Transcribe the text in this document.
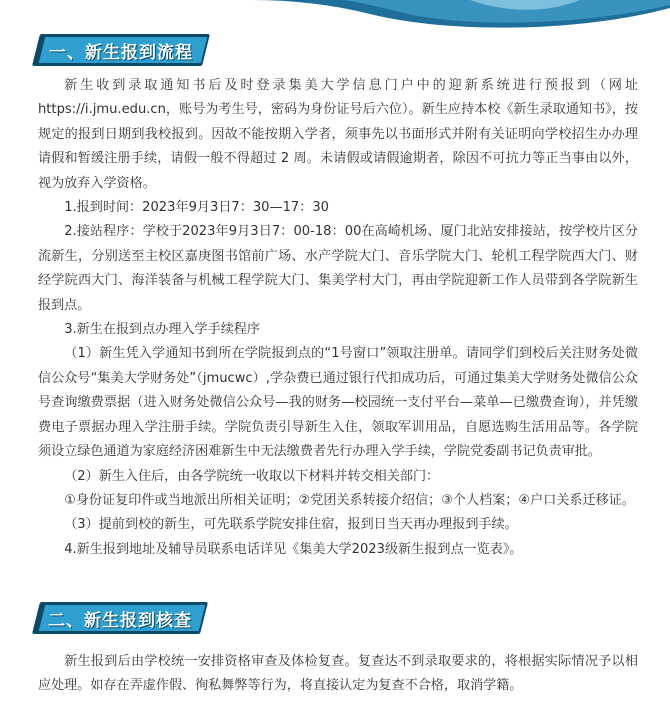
一、新生报到流程

新生收到录取通知书后及时登录集美大学信息门户中的迎新系统进行预报到（网址https://i.jmu.edu.cn，账号为考生号，密码为身份证号后六位）。新生应持本校《新生录取通知书》，按规定的报到日期到我校报到。因故不能按期入学者，须事先以书面形式并附有关证明向学校招生办办理请假和暂缓注册手续，请假一般不得超过 2 周。未请假或请假逾期者，除因不可抗力等正当事由以外，视为放弃入学资格。

1.报到时间：2023年9月3日7：30—17：30

2.接站程序：学校于2023年9月3日7：00-18：00在高崎机场、厦门北站安排接站，按学校片区分流新生，分别送至主校区嘉庚图书馆前广场、水产学院大门、音乐学院大门、轮机工程学院西大门、财经学院西大门、海洋装备与机械工程学院大门、集美学村大门，再由学院迎新工作人员带到各学院新生报到点。

3.新生在报到点办理入学手续程序

（1）新生凭入学通知书到所在学院报到点的“1号窗口”领取注册单。请同学们到校后关注财务处微信公众号“集美大学财务处”（jmucwc）,学杂费已通过银行代扣成功后，可通过集美大学财务处微信公众号查询缴费票据（进入财务处微信公众号—我的财务—校园统一支付平台—菜单—已缴费查询），并凭缴费电子票据办理入学注册手续。学院负责引导新生入住，领取军训用品，自愿选购生活用品等。各学院须设立绿色通道为家庭经济困难新生中无法缴费者先行办理入学手续，学院党委副书记负责审批。

（2）新生入住后，由各学院统一收取以下材料并转交相关部门：

①身份证复印件或当地派出所相关证明；②党团关系转接介绍信；③个人档案；④户口关系迁移证。

（3）提前到校的新生，可先联系学院安排住宿，报到日当天再办理报到手续。

4.新生报到地址及辅导员联系电话详见《集美大学2023级新生报到点一览表》。

二、新生报到核查

新生报到后由学校统一安排资格审查及体检复查。复查达不到录取要求的，将根据实际情况予以相应处理。如存在弄虚作假、徇私舞弊等行为，将直接认定为复查不合格，取消学籍。
